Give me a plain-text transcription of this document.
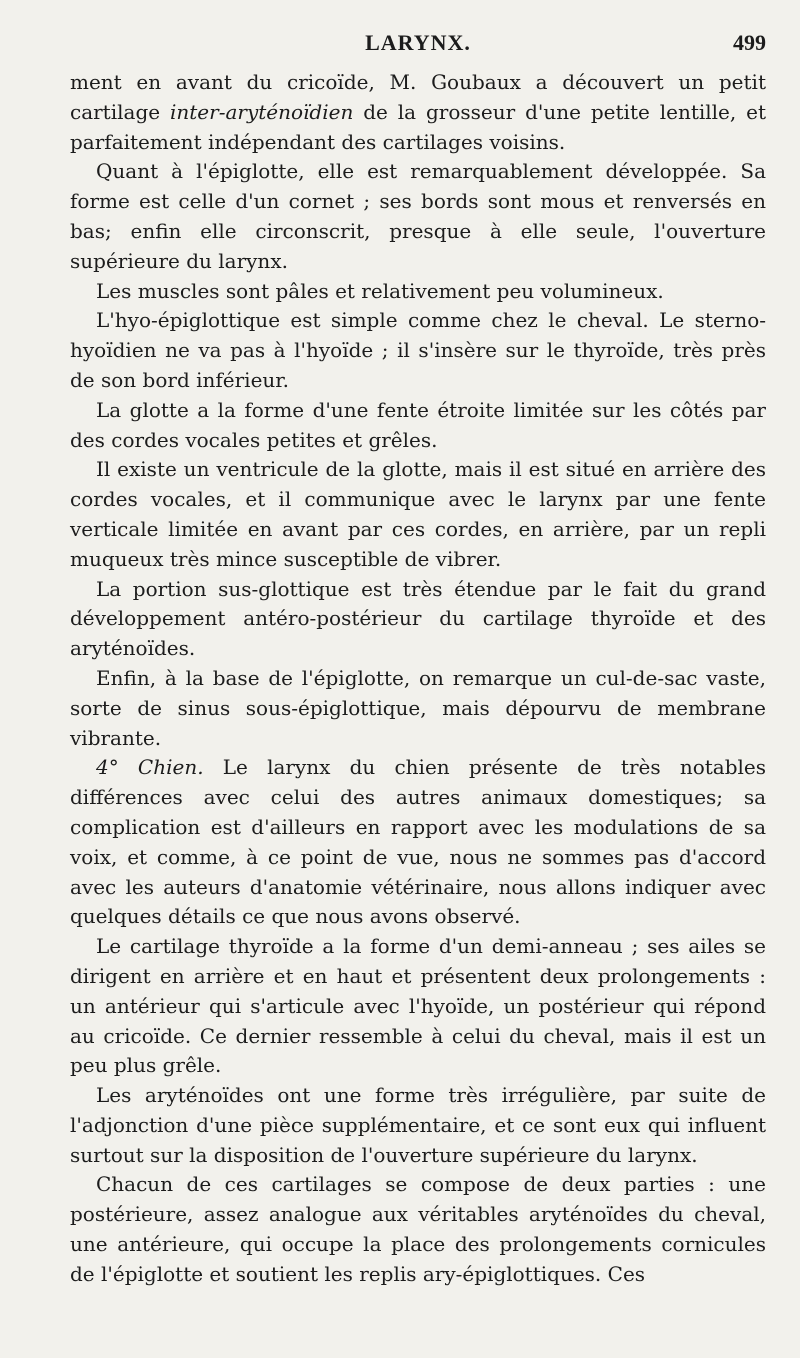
LARYNX.	499

ment en avant du cricoïde, M. Goubaux a découvert un petit cartilage inter-aryténoïdien de la grosseur d'une petite lentille, et parfaitement indépendant des cartilages voisins.

Quant à l'épiglotte, elle est remarquablement développée. Sa forme est celle d'un cornet ; ses bords sont mous et renversés en bas; enfin elle circonscrit, presque à elle seule, l'ouverture supérieure du larynx.

Les muscles sont pâles et relativement peu volumineux.

L'hyo-épiglottique est simple comme chez le cheval. Le sterno-hyoïdien ne va pas à l'hyoïde ; il s'insère sur le thyroïde, très près de son bord inférieur.

La glotte a la forme d'une fente étroite limitée sur les côtés par des cordes vocales petites et grêles.

Il existe un ventricule de la glotte, mais il est situé en arrière des cordes vocales, et il communique avec le larynx par une fente verticale limitée en avant par ces cordes, en arrière, par un repli muqueux très mince susceptible de vibrer.

La portion sus-glottique est très étendue par le fait du grand développement antéro-postérieur du cartilage thyroïde et des aryténoïdes.

Enfin, à la base de l'épiglotte, on remarque un cul-de-sac vaste, sorte de sinus sous-épiglottique, mais dépourvu de membrane vibrante.

4° Chien. Le larynx du chien présente de très notables différences avec celui des autres animaux domestiques; sa complication est d'ailleurs en rapport avec les modulations de sa voix, et comme, à ce point de vue, nous ne sommes pas d'accord avec les auteurs d'anatomie vétérinaire, nous allons indiquer avec quelques détails ce que nous avons observé.

Le cartilage thyroïde a la forme d'un demi-anneau ; ses ailes se dirigent en arrière et en haut et présentent deux prolongements : un antérieur qui s'articule avec l'hyoïde, un postérieur qui répond au cricoïde. Ce dernier ressemble à celui du cheval, mais il est un peu plus grêle.

Les aryténoïdes ont une forme très irrégulière, par suite de l'adjonction d'une pièce supplémentaire, et ce sont eux qui influent surtout sur la disposition de l'ouverture supérieure du larynx.

Chacun de ces cartilages se compose de deux parties : une postérieure, assez analogue aux véritables aryténoïdes du cheval, une antérieure, qui occupe la place des prolongements cornicules de l'épiglotte et soutient les replis ary-épiglottiques. Ces
